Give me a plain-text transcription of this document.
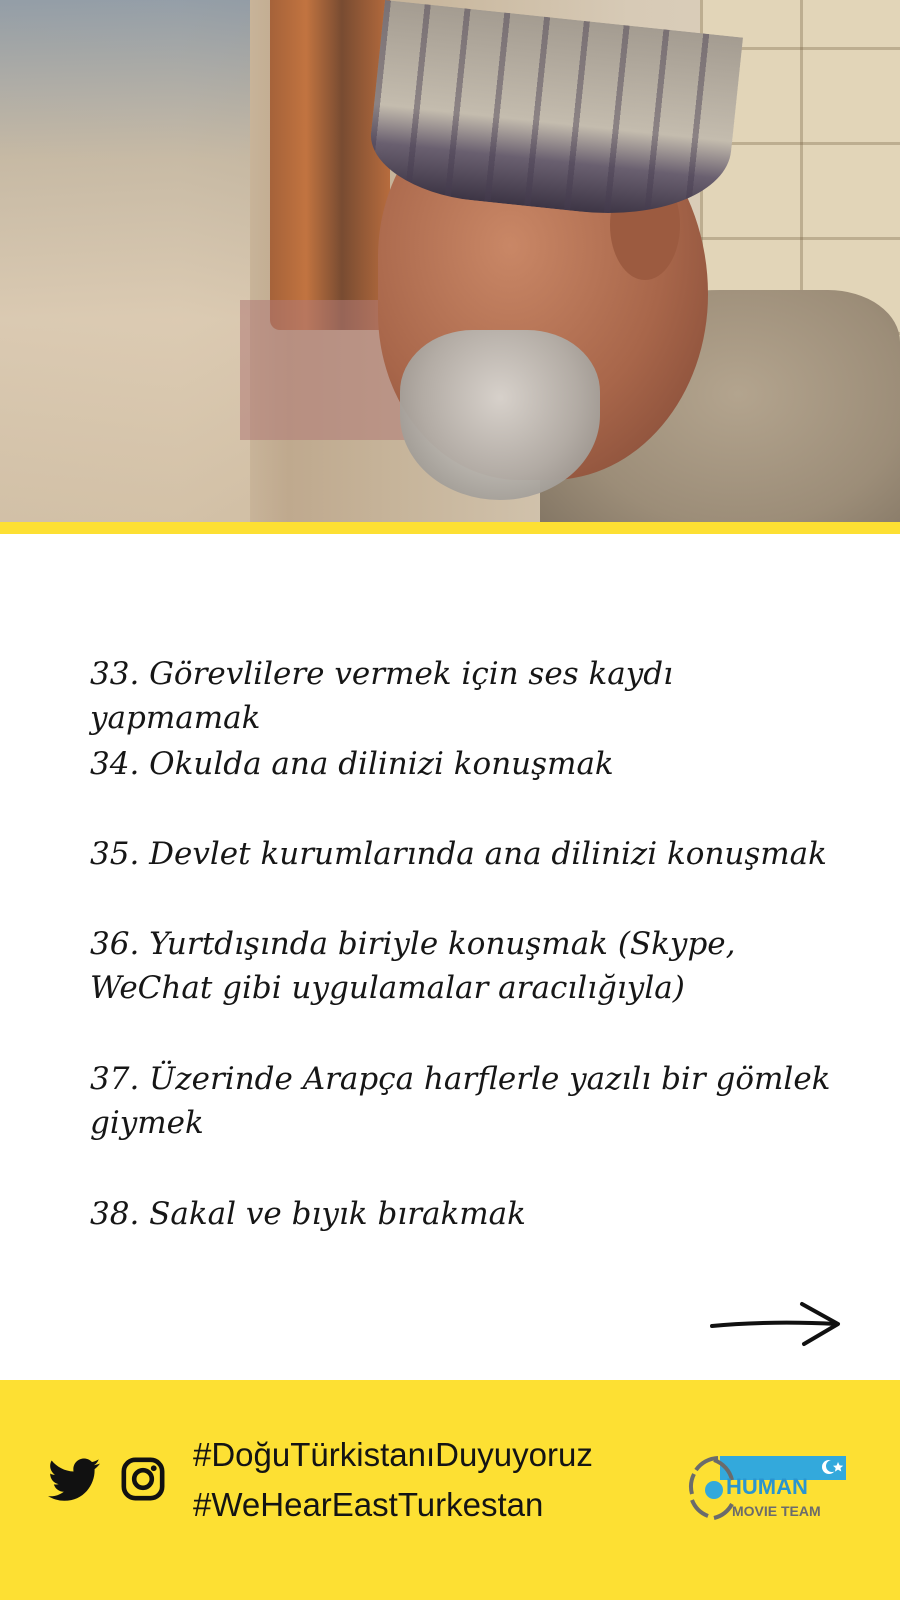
33. Görevlilere vermek için ses kaydı yapmamak
34. Okulda ana dilinizi konuşmak
35. Devlet kurumlarında ana dilinizi konuşmak
36. Yurtdışında biriyle konuşmak (Skype, WeChat gibi uygulamalar aracılığıyla)
37. Üzerinde Arapça harflerle yazılı bir gömlek giymek
38. Sakal ve bıyık bırakmak
#DoğuTürkistanıDuyuyoruz
#WeHearEastTurkestan	HUMAN
MOVIE TEAM
